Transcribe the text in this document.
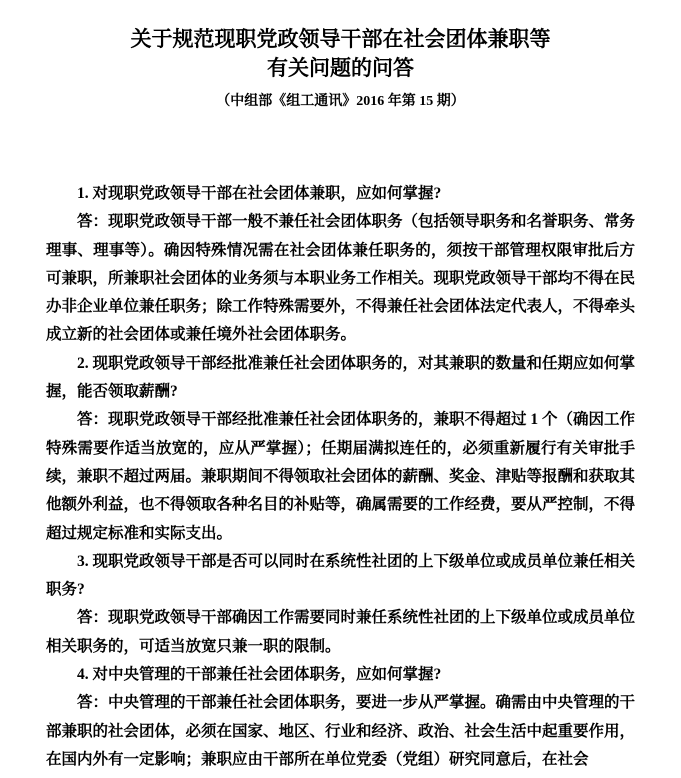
关于规范现职党政领导干部在社会团体兼职等
有关问题的问答
（中组部《组工通讯》2016 年第 15 期）

1. 对现职党政领导干部在社会团体兼职，应如何掌握?

答：现职党政领导干部一般不兼任社会团体职务（包括领导职务和名誉职务、常务理事、理事等）。确因特殊情况需在社会团体兼任职务的，须按干部管理权限审批后方可兼职，所兼职社会团体的业务须与本职业务工作相关。现职党政领导干部均不得在民办非企业单位兼任职务；除工作特殊需要外，不得兼任社会团体法定代表人，不得牵头成立新的社会团体或兼任境外社会团体职务。

2. 现职党政领导干部经批准兼任社会团体职务的，对其兼职的数量和任期应如何掌握，能否领取薪酬?

答：现职党政领导干部经批准兼任社会团体职务的，兼职不得超过 1 个（确因工作特殊需要作适当放宽的，应从严掌握）；任期届满拟连任的，必须重新履行有关审批手续，兼职不超过两届。兼职期间不得领取社会团体的薪酬、奖金、津贴等报酬和获取其他额外利益，也不得领取各种名目的补贴等，确属需要的工作经费，要从严控制，不得超过规定标准和实际支出。

3. 现职党政领导干部是否可以同时在系统性社团的上下级单位或成员单位兼任相关职务?

答：现职党政领导干部确因工作需要同时兼任系统性社团的上下级单位或成员单位相关职务的，可适当放宽只兼一职的限制。

4. 对中央管理的干部兼任社会团体职务，应如何掌握?

答：中央管理的干部兼任社会团体职务，要进一步从严掌握。确需由中央管理的干部兼职的社会团体，必须在国家、地区、行业和经济、政治、社会生活中起重要作用，在国内外有一定影响；兼职应由干部所在单位党委（党组）研究同意后，在社会
